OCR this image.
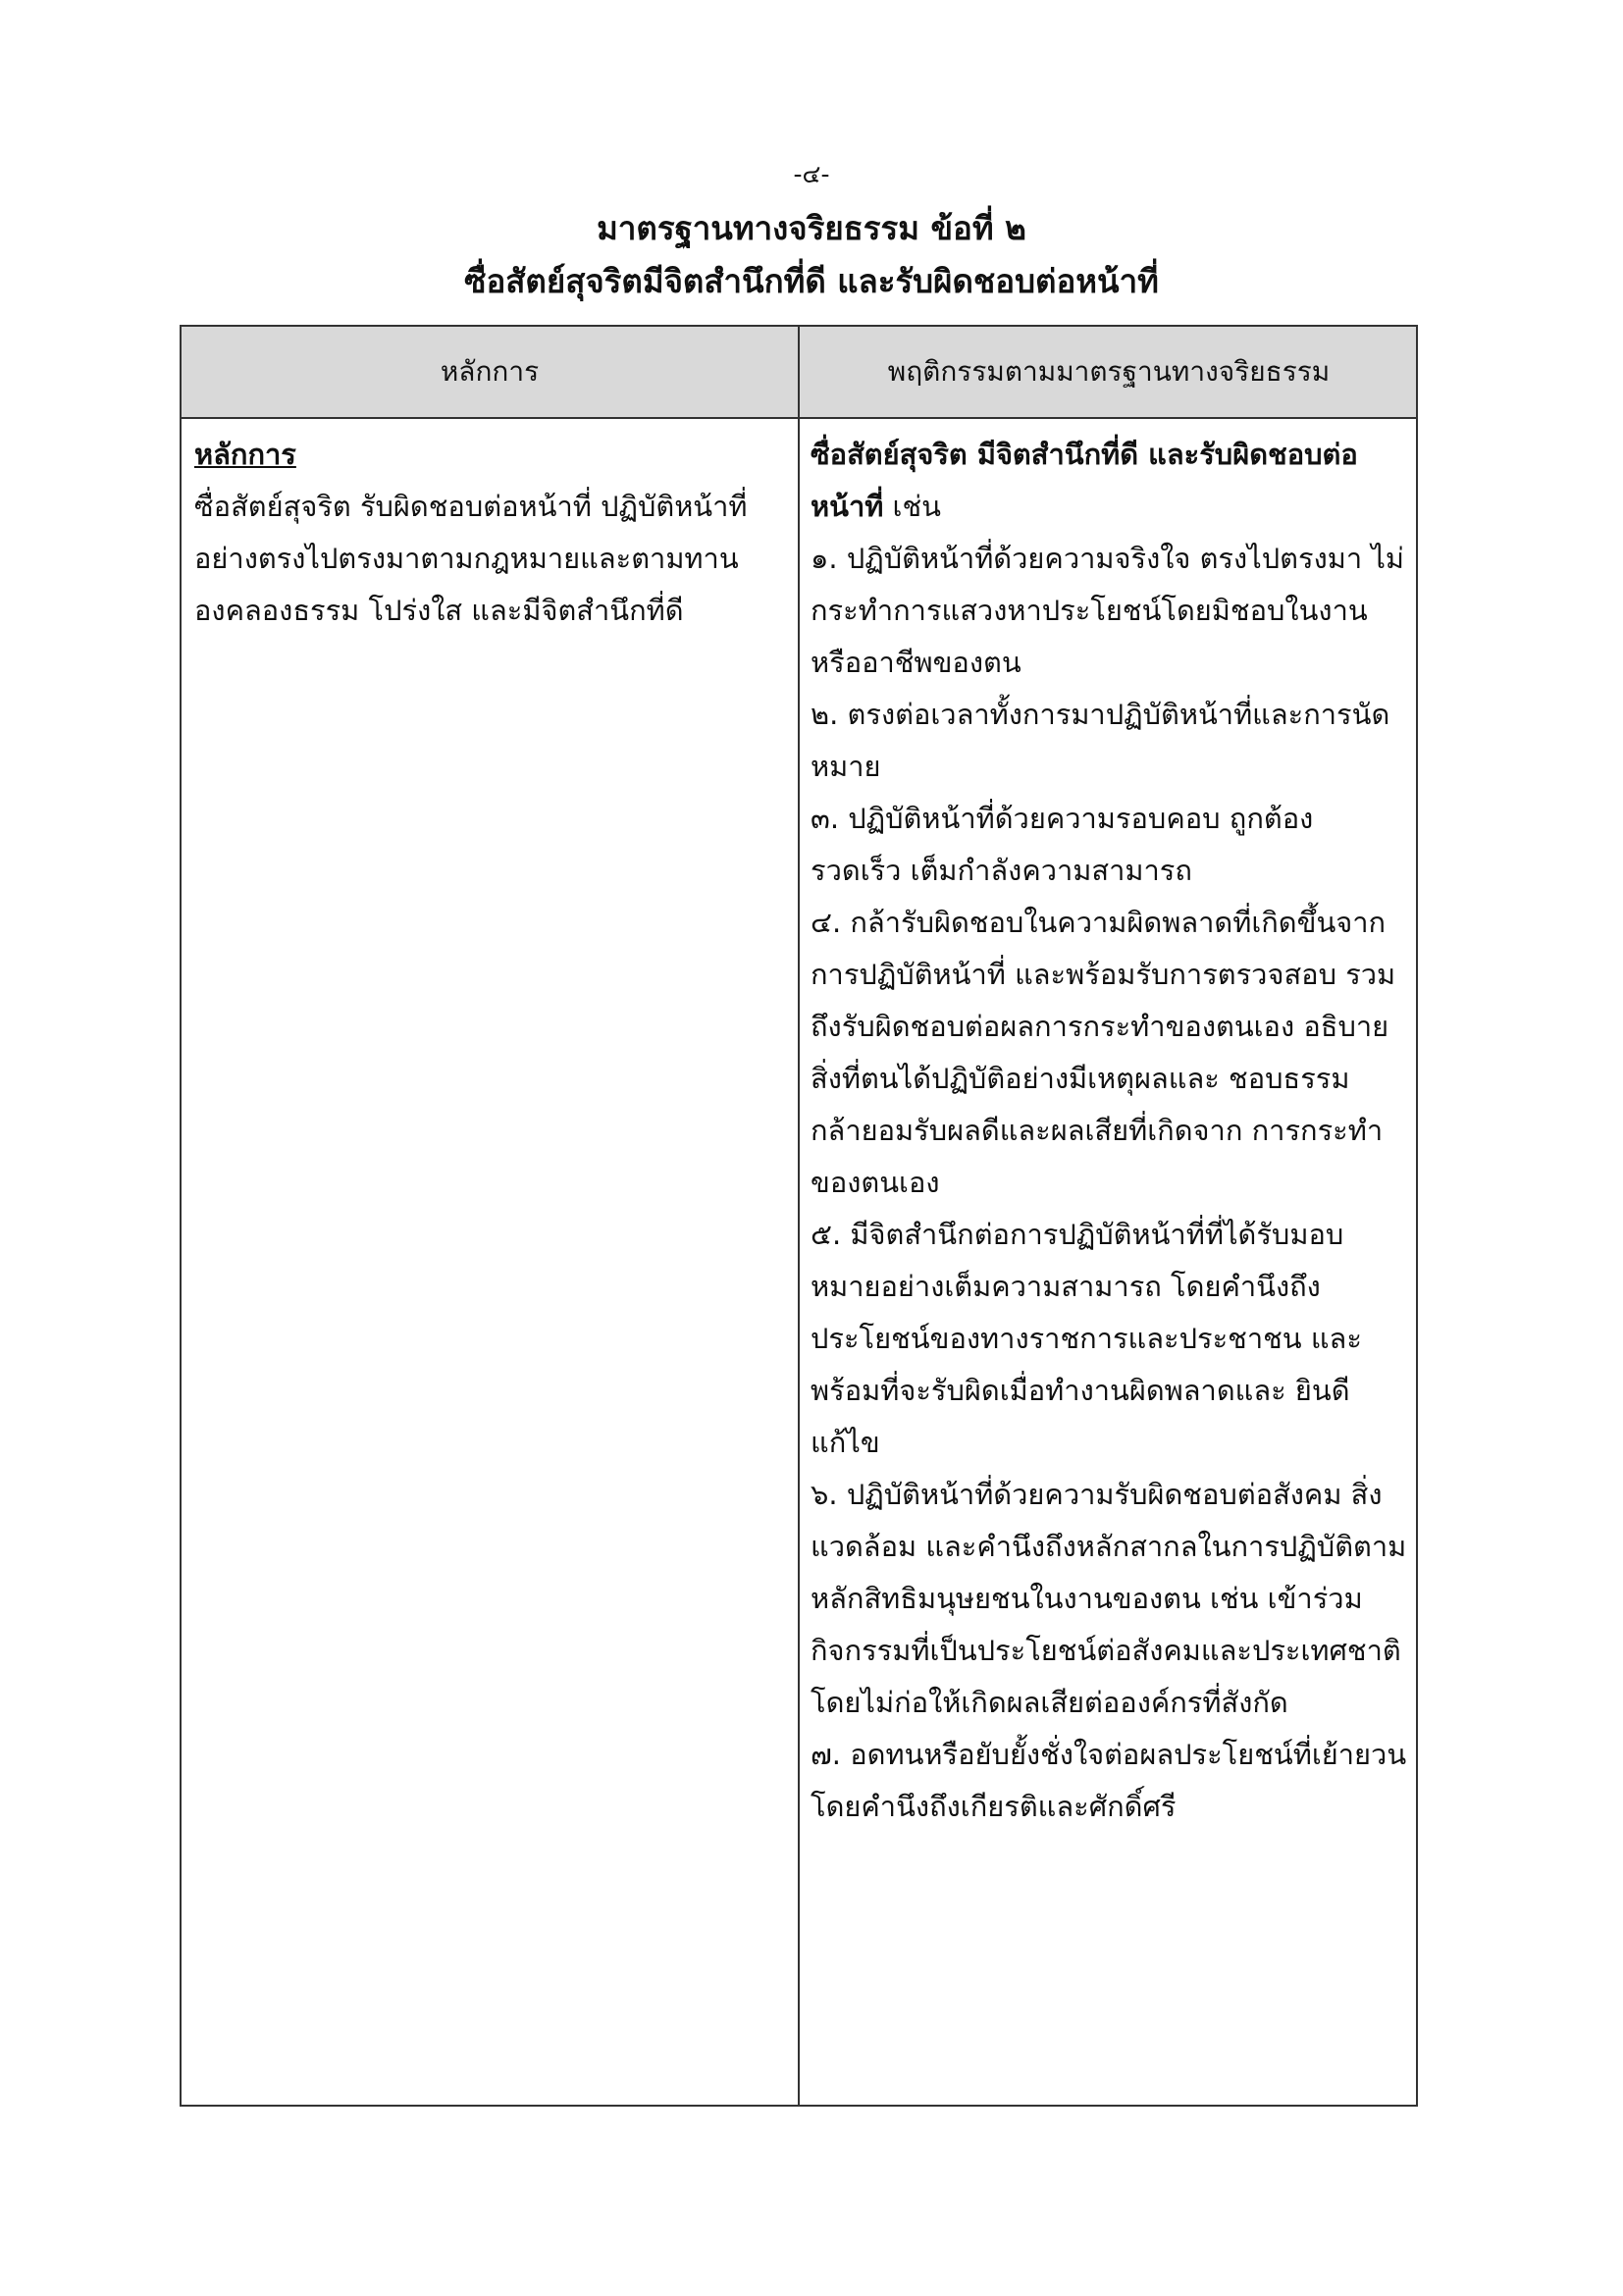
-๔-
มาตรฐานทางจริยธรรม ข้อที่ ๒
ซื่อสัตย์สุจริตมีจิตสำนึกที่ดี และรับผิดชอบต่อหน้าที่
หลักการ	พฤติกรรมตามมาตรฐานทางจริยธรรม
หลักการ
ซื่อสัตย์สุจริต รับผิดชอบต่อหน้าที่ ปฏิบัติหน้าที่อย่างตรงไปตรงมาตามกฎหมายและตามทานองคลองธรรม โปร่งใส และมีจิตสำนึกที่ดี
ซื่อสัตย์สุจริต มีจิตสำนึกที่ดี และรับผิดชอบต่อหน้าที่ เช่น

๑. ปฏิบัติหน้าที่ด้วยความจริงใจ ตรงไปตรงมา ไม่กระทำการแสวงหาประโยชน์โดยมิชอบในงานหรืออาชีพของตน

๒. ตรงต่อเวลาทั้งการมาปฏิบัติหน้าที่และการนัดหมาย

๓. ปฏิบัติหน้าที่ด้วยความรอบคอบ ถูกต้อง รวดเร็ว เต็มกำลังความสามารถ

๔. กล้ารับผิดชอบในความผิดพลาดที่เกิดขึ้นจากการปฏิบัติหน้าที่ และพร้อมรับการตรวจสอบ รวมถึงรับผิดชอบต่อผลการกระทำของตนเอง อธิบายสิ่งที่ตนได้ปฏิบัติอย่างมีเหตุผลและ ชอบธรรม กล้ายอมรับผลดีและผลเสียที่เกิดจาก การกระทำของตนเอง

๕. มีจิตสำนึกต่อการปฏิบัติหน้าที่ที่ได้รับมอบหมายอย่างเต็มความสามารถ โดยคำนึงถึงประโยชน์ของทางราชการและประชาชน และพร้อมที่จะรับผิดเมื่อทำงานผิดพลาดและ ยินดีแก้ไข

๖. ปฏิบัติหน้าที่ด้วยความรับผิดชอบต่อสังคม สิ่งแวดล้อม และคำนึงถึงหลักสากลในการปฏิบัติตามหลักสิทธิมนุษยชนในงานของตน เช่น เข้าร่วมกิจกรรมที่เป็นประโยชน์ต่อสังคมและประเทศชาติ โดยไม่ก่อให้เกิดผลเสียต่อองค์กรที่สังกัด

๗. อดทนหรือยับยั้งชั่งใจต่อผลประโยชน์ที่เย้ายวน โดยคำนึงถึงเกียรติและศักดิ์ศรี
